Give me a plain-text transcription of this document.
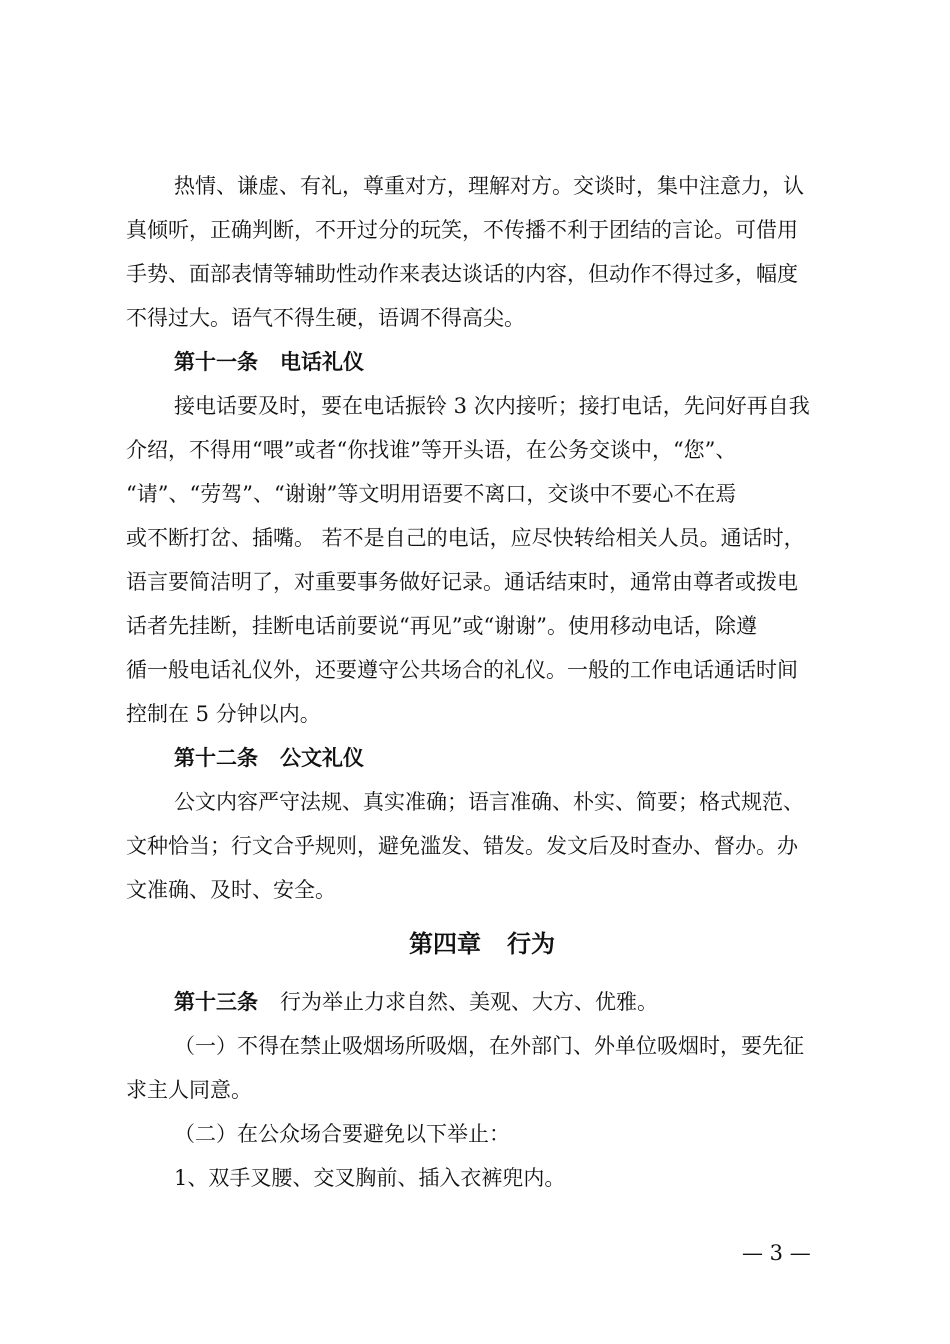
热情、谦虚、有礼，尊重对方，理解对方。交谈时，集中注意力，认
真倾听，正确判断，不开过分的玩笑，不传播不利于团结的言论。可借用
手势、面部表情等辅助性动作来表达谈话的内容，但动作不得过多，幅度
不得过大。语气不得生硬，语调不得高尖。
第十一条 电话礼仪
接电话要及时，要在电话振铃 3 次内接听；接打电话，先问好再自我
介绍，不得用“喂”或者“你找谁”等开头语，在公务交谈中，“您”、
“请”、“劳驾”、“谢谢”等文明用语要不离口，交谈中不要心不在焉
或不断打岔、插嘴。 若不是自己的电话，应尽快转给相关人员。通话时，
语言要简洁明了，对重要事务做好记录。通话结束时，通常由尊者或拨电
话者先挂断，挂断电话前要说“再见”或“谢谢”。使用移动电话，除遵
循一般电话礼仪外，还要遵守公共场合的礼仪。一般的工作电话通话时间
控制在 5 分钟以内。
第十二条 公文礼仪
公文内容严守法规、真实准确；语言准确、朴实、简要；格式规范、
文种恰当；行文合乎规则，避免滥发、错发。发文后及时查办、督办。办
文准确、及时、安全。
第四章 行为
第十三条 行为举止力求自然、美观、大方、优雅。
（一）不得在禁止吸烟场所吸烟，在外部门、外单位吸烟时，要先征
求主人同意。
（二）在公众场合要避免以下举止：
1、双手叉腰、交叉胸前、插入衣裤兜内。
— 3 —
